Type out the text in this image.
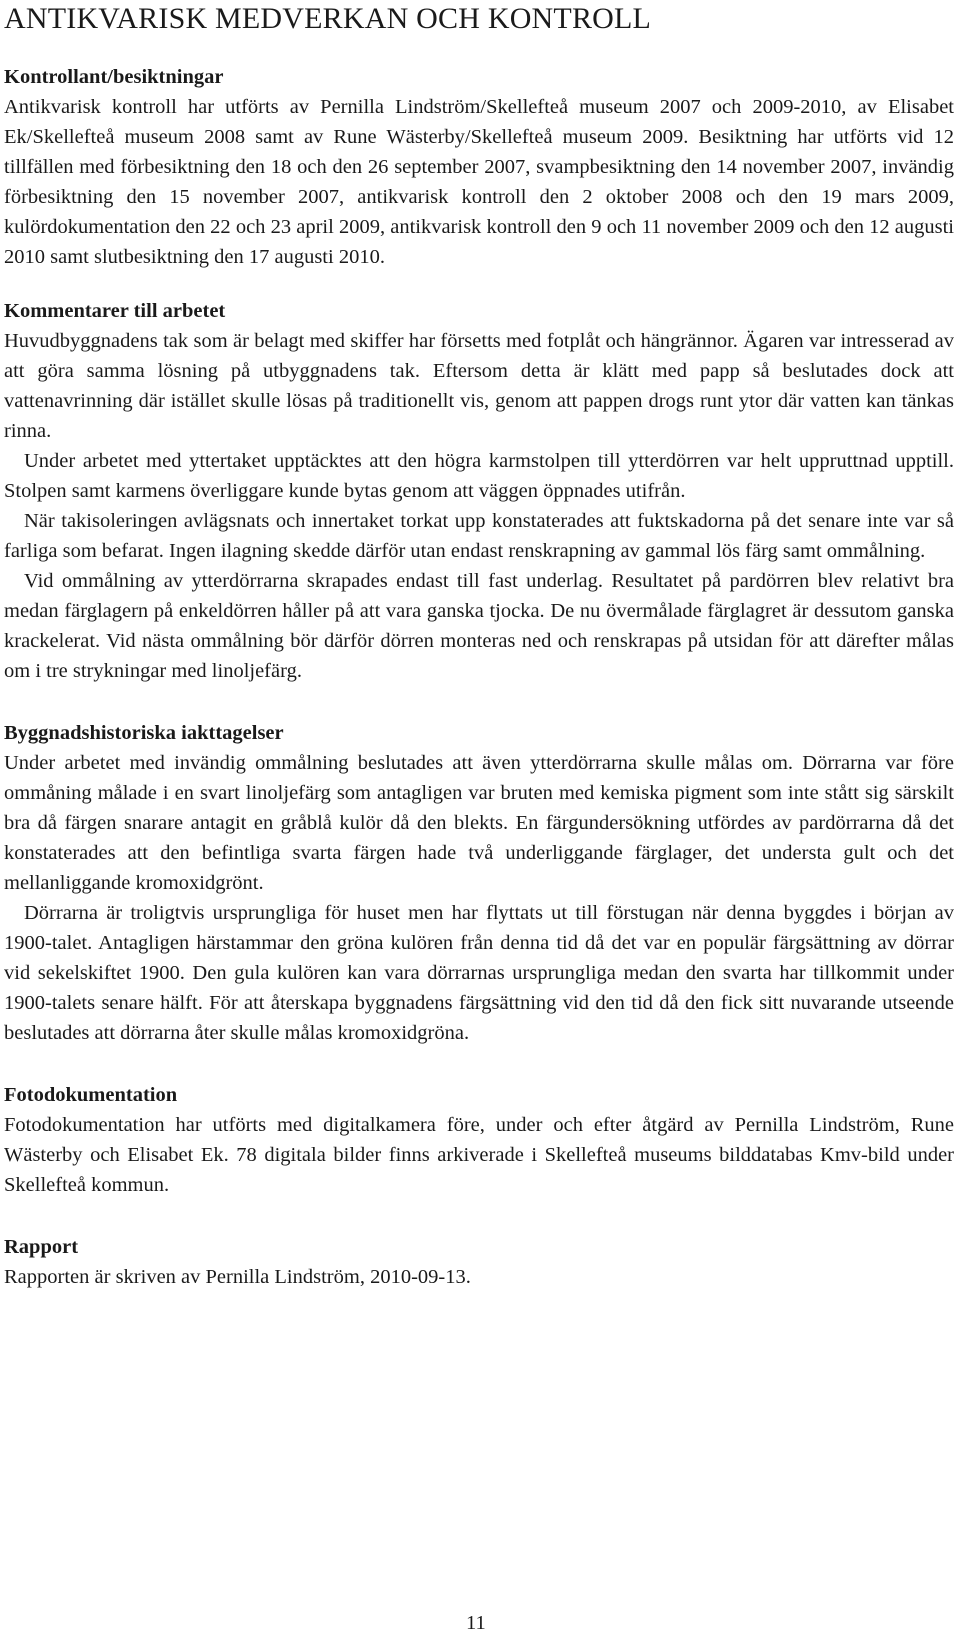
ANTIKVARISK MEDVERKAN OCH KONTROLL
Kontrollant/besiktningar

Antikvarisk kontroll har utförts av Pernilla Lindström/Skellefteå museum 2007 och 2009-2010, av Elisabet Ek/Skellefteå museum 2008 samt av Rune Wästerby/Skellefteå museum 2009. Besiktning har utförts vid 12 tillfällen med förbesiktning den 18 och den 26 september 2007, svampbesiktning den 14 november 2007, invändig förbesiktning den 15 november 2007, antikvarisk kontroll den 2 oktober 2008 och den 19 mars 2009, kulördokumentation den 22 och 23 april 2009, antikvarisk kontroll den 9 och 11 november 2009 och den 12 augusti 2010 samt slutbesiktning den 17 augusti 2010.

Kommentarer till arbetet

Huvudbyggnadens tak som är belagt med skiffer har försetts med fotplåt och hängrännor. Ägaren var intresserad av att göra samma lösning på utbyggnadens tak. Eftersom detta är klätt med papp så beslutades dock att vattenavrinning där istället skulle lösas på traditionellt vis, genom att pappen drogs runt ytor där vatten kan tänkas rinna.

Under arbetet med yttertaket upptäcktes att den högra karmstolpen till ytterdörren var helt uppruttnad upptill. Stolpen samt karmens överliggare kunde bytas genom att väggen öppnades utifrån.

När takisoleringen avlägsnats och innertaket torkat upp konstaterades att fuktskadorna på det senare inte var så farliga som befarat. Ingen ilagning skedde därför utan endast renskrapning av gammal lös färg samt ommålning.

Vid ommålning av ytterdörrarna skrapades endast till fast underlag. Resultatet på pardörren blev relativt bra medan färglagern på enkeldörren håller på att vara ganska tjocka. De nu övermålade färglagret är dessutom ganska krackelerat. Vid nästa ommålning bör därför dörren monteras ned och renskrapas på utsidan för att därefter målas om i tre strykningar med linoljefärg.

Byggnadshistoriska iakttagelser

Under arbetet med invändig ommålning beslutades att även ytterdörrarna skulle målas om. Dörrarna var före ommåning målade i en svart linoljefärg som antagligen var bruten med kemiska pigment som inte stått sig särskilt bra då färgen snarare antagit en gråblå kulör då den blekts. En färgundersökning utfördes av pardörrarna då det konstaterades att den befintliga svarta färgen hade två underliggande färglager, det understa gult och det mellanliggande kromoxidgrönt.

Dörrarna är troligtvis ursprungliga för huset men har flyttats ut till förstugan när denna byggdes i början av 1900-talet. Antagligen härstammar den gröna kulören från denna tid då det var en populär färgsättning av dörrar vid sekelskiftet 1900. Den gula kulören kan vara dörrarnas ursprungliga medan den svarta har tillkommit under 1900-talets senare hälft. För att återskapa byggnadens färgsättning vid den tid då den fick sitt nuvarande utseende beslutades att dörrarna åter skulle målas kromoxidgröna.

Fotodokumentation

Fotodokumentation har utförts med digitalkamera före, under och efter åtgärd av Pernilla Lindström, Rune Wästerby och Elisabet Ek. 78 digitala bilder finns arkiverade i Skellefteå museums bilddatabas Kmv-bild under Skellefteå kommun.

Rapport

Rapporten är skriven av Pernilla Lindström, 2010-09-13.

11
